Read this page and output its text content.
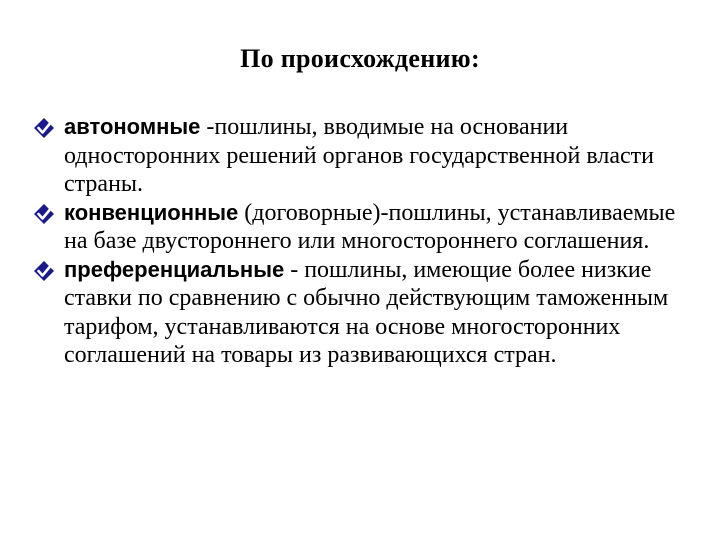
По происхождению:
автономные -пошлины, вводимые на основании односторонних решений органов государственной власти страны.
конвенционные (договорные)-пошлины, устанавливаемые на базе двустороннего или многостороннего соглашения.
преференциальные - пошлины, имеющие более низкие ставки по сравнению с обычно действующим таможенным тарифом, устанавливаются на основе многосторонних соглашений на товары из развивающихся стран.
